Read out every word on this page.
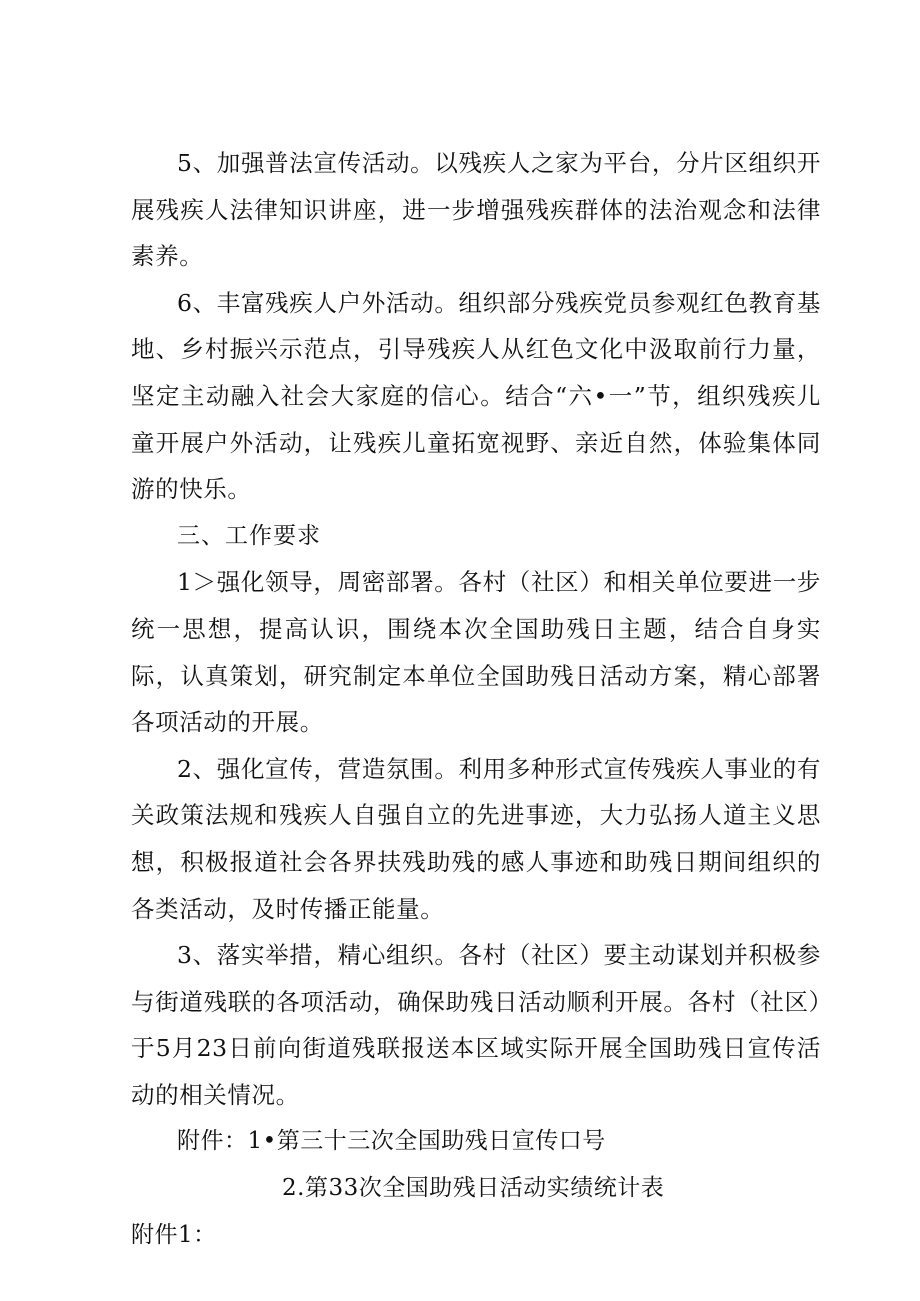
5、加强普法宣传活动。以残疾人之家为平台，分片区组织开展残疾人法律知识讲座，进一步增强残疾群体的法治观念和法律素养。

6、丰富残疾人户外活动。组织部分残疾党员参观红色教育基地、乡村振兴示范点，引导残疾人从红色文化中汲取前行力量，坚定主动融入社会大家庭的信心。结合“六•一”节，组织残疾儿童开展户外活动，让残疾儿童拓宽视野、亲近自然，体验集体同游的快乐。

三、工作要求

1＞强化领导，周密部署。各村（社区）和相关单位要进一步统一思想，提高认识，围绕本次全国助残日主题，结合自身实际，认真策划，研究制定本单位全国助残日活动方案，精心部署各项活动的开展。

2、强化宣传，营造氛围。利用多种形式宣传残疾人事业的有关政策法规和残疾人自强自立的先进事迹，大力弘扬人道主义思想，积极报道社会各界扶残助残的感人事迹和助残日期间组织的各类活动，及时传播正能量。

3、落实举措，精心组织。各村（社区）要主动谋划并积极参与街道残联的各项活动，确保助残日活动顺利开展。各村（社区）于5月23日前向街道残联报送本区域实际开展全国助残日宣传活动的相关情况。

附件：1•第三十三次全国助残日宣传口号

2.第33次全国助残日活动实绩统计表

附件1：
